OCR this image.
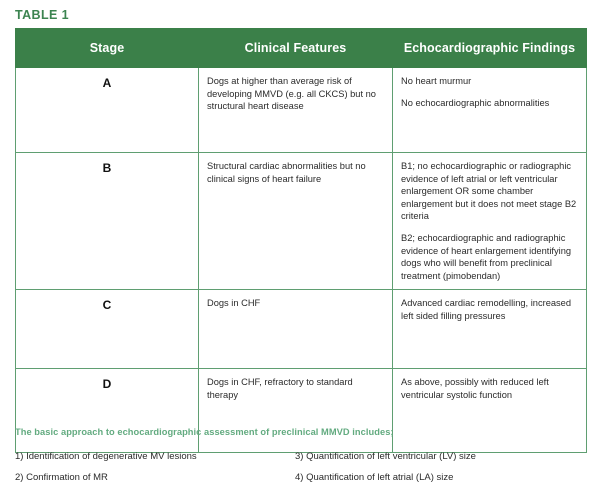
TABLE 1
Stage	Clinical Features	Echocardiographic Findings
A	Dogs at higher than average risk of developing MMVD (e.g. all CKCS) but no structural heart disease	No heart murmur

No echocardiographic abnormalities

B	Structural cardiac abnormalities but no clinical signs of heart failure	B1; no echocardiographic or radiographic evidence of left atrial or left ventricular enlargement OR some chamber enlargement but it does not meet stage B2 criteria

B2; echocardiographic and radiographic evidence of heart enlargement identifying dogs who will benefit from preclinical treatment (pimobendan)

C	Dogs in CHF	Advanced cardiac remodelling, increased left sided filling pressures

D	Dogs in CHF, refractory to standard therapy	As above, possibly with reduced left ventricular systolic function

The basic approach to echocardiographic assessment of preclinical MMVD includes;
1) Identification of degenerative MV lesions	3) Quantification of left ventricular (LV) size
2) Confirmation of MR	4) Quantification of left atrial (LA) size
